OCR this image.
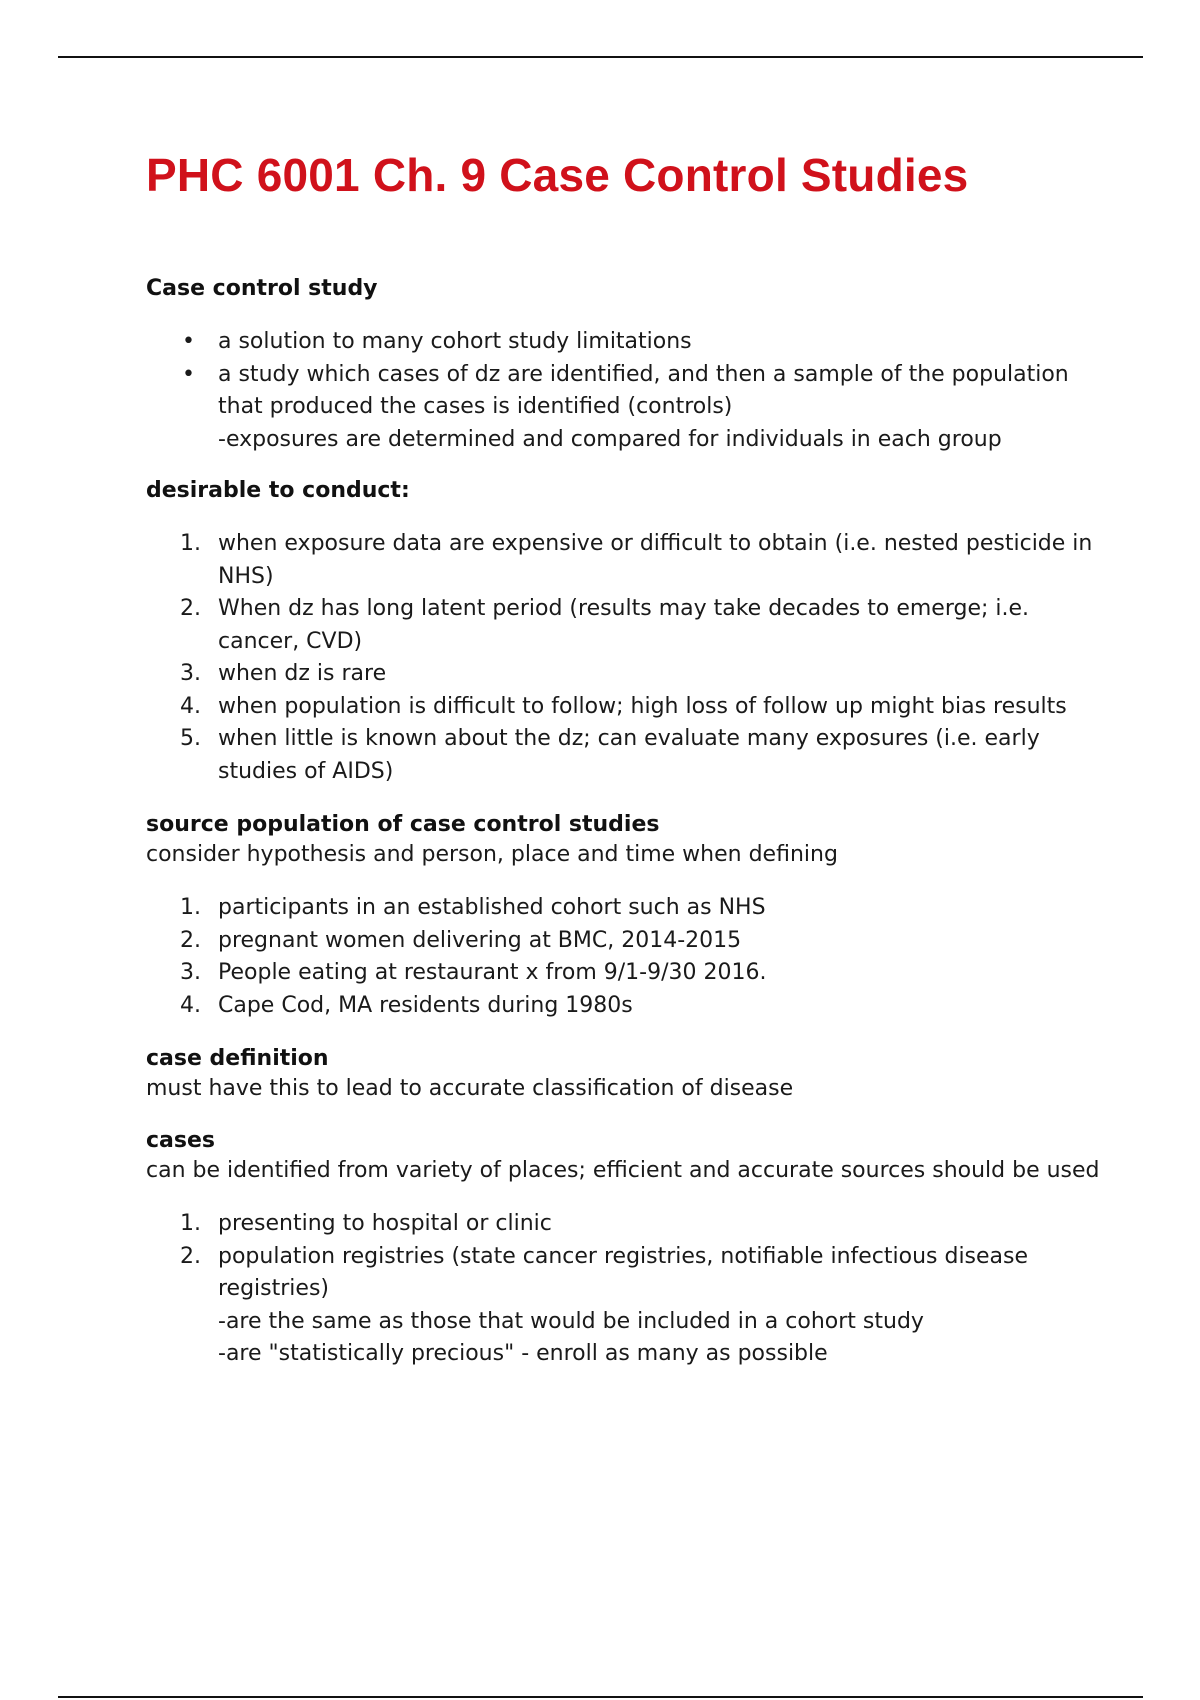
PHC 6001 Ch. 9 Case Control Studies
Case control study
• a solution to many cohort study limitations
• a study which cases of dz are identified, and then a sample of the population that produced the cases is identified (controls)
-exposures are determined and compared for individuals in each group
desirable to conduct:
1. when exposure data are expensive or difficult to obtain (i.e. nested pesticide in NHS)
2. When dz has long latent period (results may take decades to emerge; i.e. cancer, CVD)
3. when dz is rare
4. when population is difficult to follow; high loss of follow up might bias results
5. when little is known about the dz; can evaluate many exposures (i.e. early studies of AIDS)
source population of case control studies
consider hypothesis and person, place and time when defining
1. participants in an established cohort such as NHS
2. pregnant women delivering at BMC, 2014-2015
3. People eating at restaurant x from 9/1-9/30 2016.
4. Cape Cod, MA residents during 1980s
case definition
must have this to lead to accurate classification of disease
cases
can be identified from variety of places; efficient and accurate sources should be used
1. presenting to hospital or clinic
2. population registries (state cancer registries, notifiable infectious disease registries)
-are the same as those that would be included in a cohort study
-are "statistically precious" - enroll as many as possible
